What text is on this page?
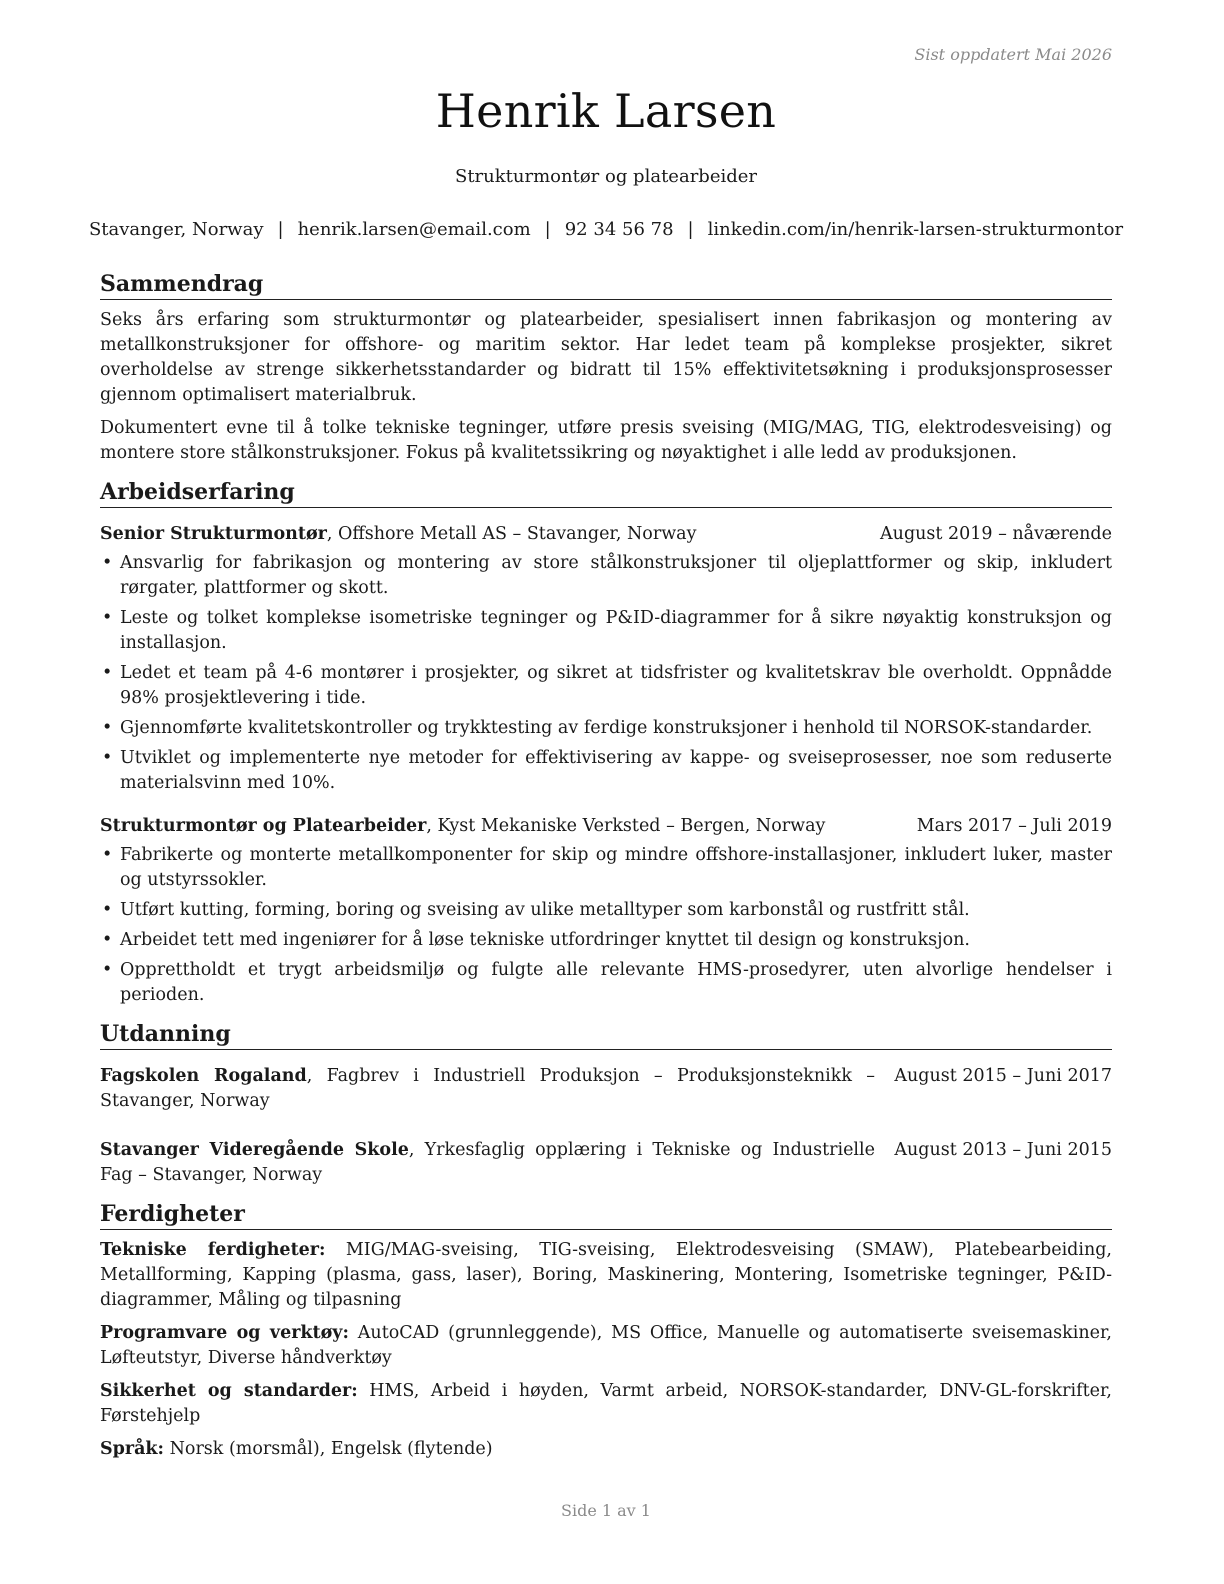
Sist oppdatert Mai 2026
Henrik Larsen
Strukturmontør og platearbeider
Stavanger, Norway | henrik.larsen@email.com | 92 34 56 78 | linkedin.com/in/henrik-larsen-strukturmontor
Sammendrag

Seks års erfaring som strukturmontør og platearbeider, spesialisert innen fabrikasjon og montering av metallkonstruksjoner for offshore- og maritim sektor. Har ledet team på komplekse prosjekter, sikret overholdelse av strenge sikkerhetsstandarder og bidratt til 15% effektivitetsøkning i produksjonsprosesser gjennom optimalisert materialbruk.

Dokumentert evne til å tolke tekniske tegninger, utføre presis sveising (MIG/MAG, TIG, elektrodesveising) og montere store stålkonstruksjoner. Fokus på kvalitetssikring og nøyaktighet i alle ledd av produksjonen.

Arbeidserfaring
Senior Strukturmontør, Offshore Metall AS – Stavanger, Norway	August 2019 – nåværende
• Ansvarlig for fabrikasjon og montering av store stålkonstruksjoner til oljeplattformer og skip, inkludert rørgater, plattformer og skott.
• Leste og tolket komplekse isometriske tegninger og P&ID-diagrammer for å sikre nøyaktig konstruksjon og installasjon.
• Ledet et team på 4-6 montører i prosjekter, og sikret at tidsfrister og kvalitetskrav ble overholdt. Oppnådde 98% prosjektlevering i tide.
• Gjennomførte kvalitetskontroller og trykktesting av ferdige konstruksjoner i henhold til NORSOK-standarder.
• Utviklet og implementerte nye metoder for effektivisering av kappe- og sveiseprosesser, noe som reduserte materialsvinn med 10%.
Strukturmontør og Platearbeider, Kyst Mekaniske Verksted – Bergen, Norway	Mars 2017 – Juli 2019
• Fabrikerte og monterte metallkomponenter for skip og mindre offshore-installasjoner, inkludert luker, master og utstyrssokler.
• Utført kutting, forming, boring og sveising av ulike metalltyper som karbonstål og rustfritt stål.
• Arbeidet tett med ingeniører for å løse tekniske utfordringer knyttet til design og konstruksjon.
• Opprettholdt et trygt arbeidsmiljø og fulgte alle relevante HMS-prosedyrer, uten alvorlige hendelser i perioden.
Utdanning
Fagskolen Rogaland, Fagbrev i Industriell Produksjon – Produksjonsteknikk – Stavanger, Norway
August 2015 – Juni 2017
Stavanger Videregående Skole, Yrkesfaglig opplæring i Tekniske og Industrielle Fag – Stavanger, Norway
August 2013 – Juni 2015
Ferdigheter
Tekniske ferdigheter: MIG/MAG-sveising, TIG-sveising, Elektrodesveising (SMAW), Platebearbeiding, Metallforming, Kapping (plasma, gass, laser), Boring, Maskinering, Montering, Isometriske tegninger, P&ID-diagrammer, Måling og tilpasning
Programvare og verktøy: AutoCAD (grunnleggende), MS Office, Manuelle og automatiserte sveisemaskiner, Løfteutstyr, Diverse håndverktøy
Sikkerhet og standarder: HMS, Arbeid i høyden, Varmt arbeid, NORSOK-standarder, DNV-GL-forskrifter, Førstehjelp
Språk: Norsk (morsmål), Engelsk (flytende)
Side 1 av 1
